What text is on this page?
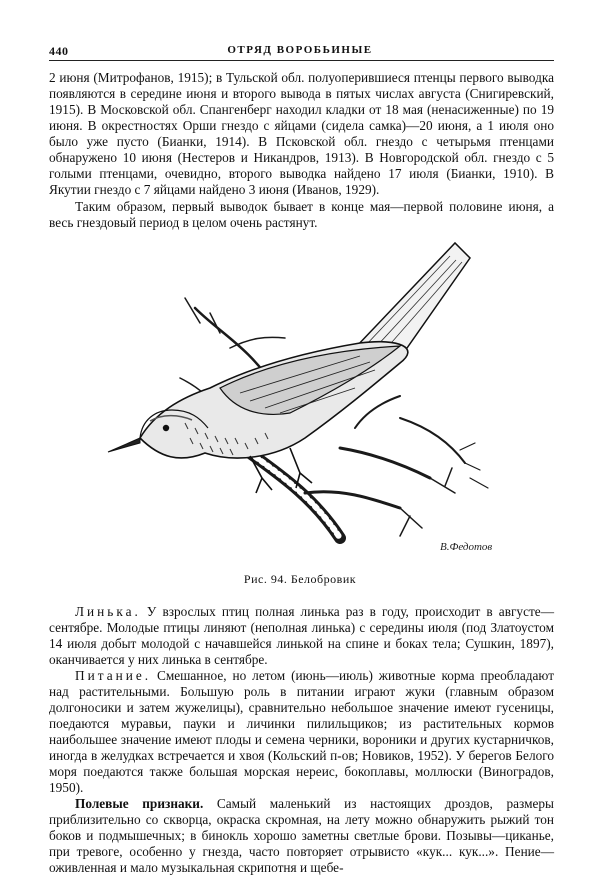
440	ОТРЯД ВОРОБЬИНЫЕ

2 июня (Митрофанов, 1915); в Тульской обл. полуоперившиеся птенцы первого выводка появляются в середине июня и второго вывода в пятых числах августа (Снигиревский, 1915). В Московской обл. Спангенберг находил кладки от 18 мая (ненасиженные) по 19 июня. В окрестностях Орши гнездо с яйцами (сидела самка)—20 июня, а 1 июля оно было уже пусто (Бианки, 1914). В Псковской обл. гнездо с четырьмя птенцами обнаружено 10 июня (Нестеров и Никандров, 1913). В Новгородской обл. гнездо с 5 голыми птенцами, очевидно, второго выводка найдено 17 июля (Бианки, 1910). В Якутии гнездо с 7 яйцами найдено 3 июня (Иванов, 1929).

Таким образом, первый выводок бывает в конце мая—первой половине июня, а весь гнездовый период в целом очень растянут.

В.Федотов
Рис. 94. Белобровик

Линька. У взрослых птиц полная линька раз в году, происходит в августе—сентябре. Молодые птицы линяют (неполная линька) с середины июля (под Златоустом 14 июля добыт молодой с начавшейся линькой на спине и боках тела; Сушкин, 1897), оканчивается у них линька в сентябре.

Питание. Смешанное, но летом (июнь—июль) животные корма преобладают над растительными. Большую роль в питании играют жуки (главным образом долгоносики и затем жужелицы), сравнительно небольшое значение имеют гусеницы, поедаются муравьи, пауки и личинки пилильщиков; из растительных кормов наибольшее значение имеют плоды и семена черники, вороники и других кустарничков, иногда в желудках встречается и хвоя (Кольский п-ов; Новиков, 1952). У берегов Белого моря поедаются также большая морская нереис, бокоплавы, моллюски (Виноградов, 1950).

Полевые признаки. Самый маленький из настоящих дроздов, размеры приблизительно со скворца, окраска скромная, на лету можно обнаружить рыжий тон боков и подмышечных; в бинокль хорошо заметны светлые брови. Позывы—циканье, при тревоге, особенно у гнезда, часто повторяет отрывисто «кук... кук...». Пение—оживленная и мало музыкальная скрипотня и щебе-
